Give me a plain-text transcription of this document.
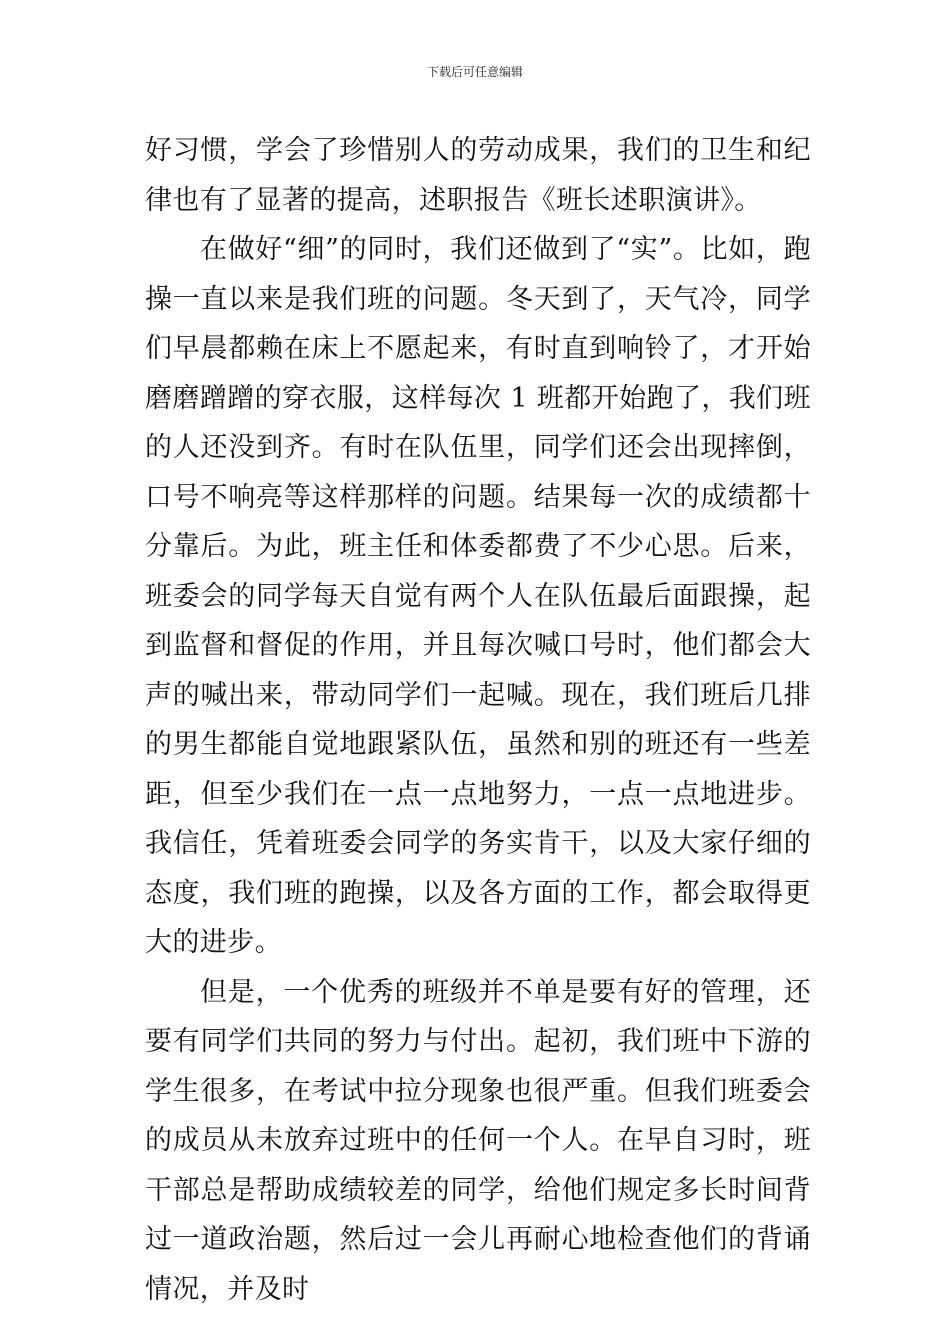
下载后可任意编辑

好习惯，学会了珍惜别人的劳动成果，我们的卫生和纪律也有了显著的提高，述职报告《班长述职演讲》。

在做好“细”的同时，我们还做到了“实”。比如，跑操一直以来是我们班的问题。冬天到了，天气冷，同学们早晨都赖在床上不愿起来，有时直到响铃了，才开始磨磨蹭蹭的穿衣服，这样每次 1 班都开始跑了，我们班的人还没到齐。有时在队伍里，同学们还会出现摔倒，口号不响亮等这样那样的问题。结果每一次的成绩都十分靠后。为此，班主任和体委都费了不少心思。后来，班委会的同学每天自觉有两个人在队伍最后面跟操，起到监督和督促的作用，并且每次喊口号时，他们都会大声的喊出来，带动同学们一起喊。现在，我们班后几排的男生都能自觉地跟紧队伍，虽然和别的班还有一些差距，但至少我们在一点一点地努力，一点一点地进步。我信任，凭着班委会同学的务实肯干，以及大家仔细的态度，我们班的跑操，以及各方面的工作，都会取得更大的进步。

但是，一个优秀的班级并不单是要有好的管理，还要有同学们共同的努力与付出。起初，我们班中下游的学生很多，在考试中拉分现象也很严重。但我们班委会的成员从未放弃过班中的任何一个人。在早自习时，班干部总是帮助成绩较差的同学，给他们规定多长时间背过一道政治题，然后过一会儿再耐心地检查他们的背诵情况，并及时
